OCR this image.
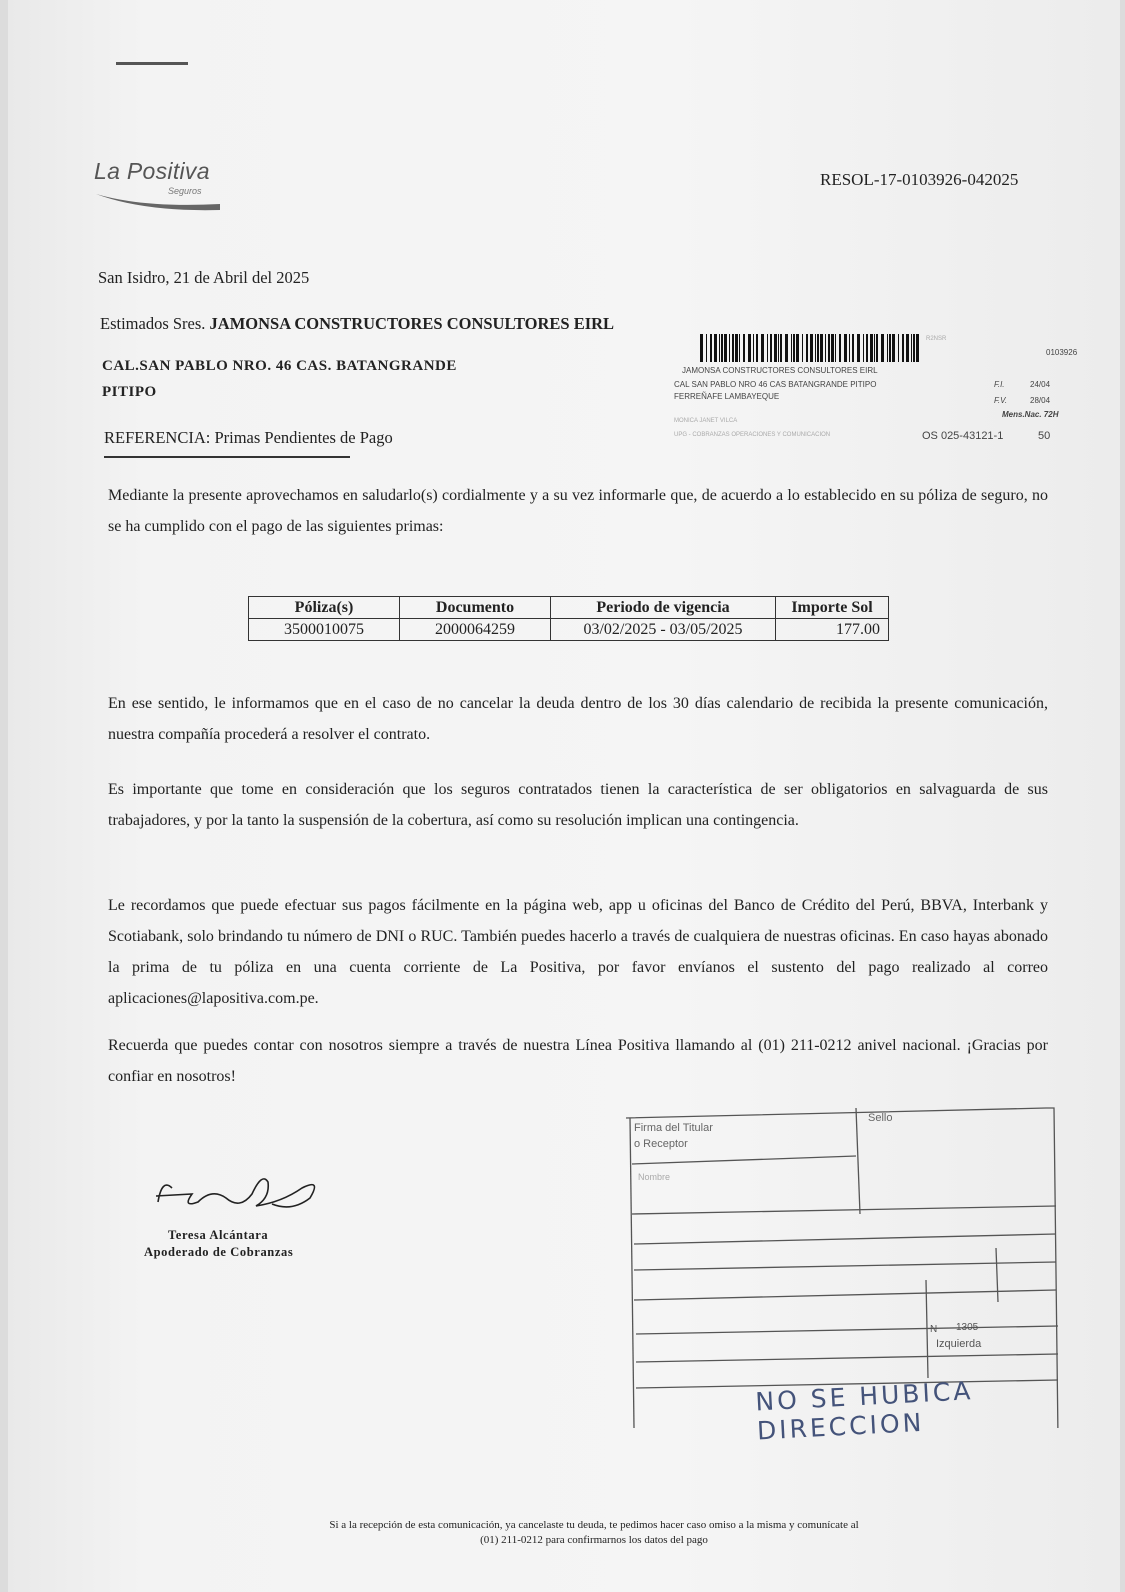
La Positiva
Seguros
RESOL-17-0103926-042025
San Isidro, 21 de Abril del 2025
Estimados Sres. JAMONSA CONSTRUCTORES CONSULTORES EIRL
CAL.SAN PABLO NRO. 46 CAS. BATANGRANDE
PITIPO
REFERENCIA: Primas Pendientes de Pago
R2NSR
0103926
JAMONSA CONSTRUCTORES CONSULTORES EIRL
CAL SAN PABLO NRO 46 CAS BATANGRANDE PITIPO
FERREÑAFE LAMBAYEQUE
F.I.	24/04
F.V.	28/04
Mens.Nac. 72H
MONICA JANET VILCA
UPG - COBRANZAS OPERACIONES Y COMUNICACION	OS 025-43121-1	50
Mediante la presente aprovechamos en saludarlo(s) cordialmente y a su vez informarle que, de acuerdo a lo establecido en su póliza de seguro, no se ha cumplido con el pago de las siguientes primas:
Póliza(s)	Documento	Periodo de vigencia	Importe Sol
3500010075	2000064259	03/02/2025 - 03/05/2025	177.00
En ese sentido, le informamos que en el caso de no cancelar la deuda dentro de los 30 días calendario de recibida la presente comunicación, nuestra compañía procederá a resolver el contrato.
Es importante que tome en consideración que los seguros contratados tienen la característica de ser obligatorios en salvaguarda de sus trabajadores, y por la tanto la suspensión de la cobertura, así como su resolución implican una contingencia.
Le recordamos que puede efectuar sus pagos fácilmente en la página web, app u oficinas del Banco de Crédito del Perú, BBVA, Interbank y Scotiabank, solo brindando tu número de DNI o RUC. También puedes hacerlo a través de cualquiera de nuestras oficinas. En caso hayas abonado la prima de tu póliza en una cuenta corriente de La Positiva, por favor envíanos el sustento del pago realizado al correo aplicaciones@lapositiva.com.pe.
Recuerda que puedes contar con nosotros siempre a través de nuestra Línea Positiva llamando al (01) 211-0212 anivel nacional. ¡Gracias por confiar en nosotros!
Teresa Alcántara
Apoderado de Cobranzas
Firma del Titular
o Receptor
Sello
Nombre
N 1305
Izquierda
NO SE HUBICA DIRECCION
Si a la recepción de esta comunicación, ya cancelaste tu deuda, te pedimos hacer caso omiso a la misma y comunícate al
(01) 211-0212 para confirmarnos los datos del pago
